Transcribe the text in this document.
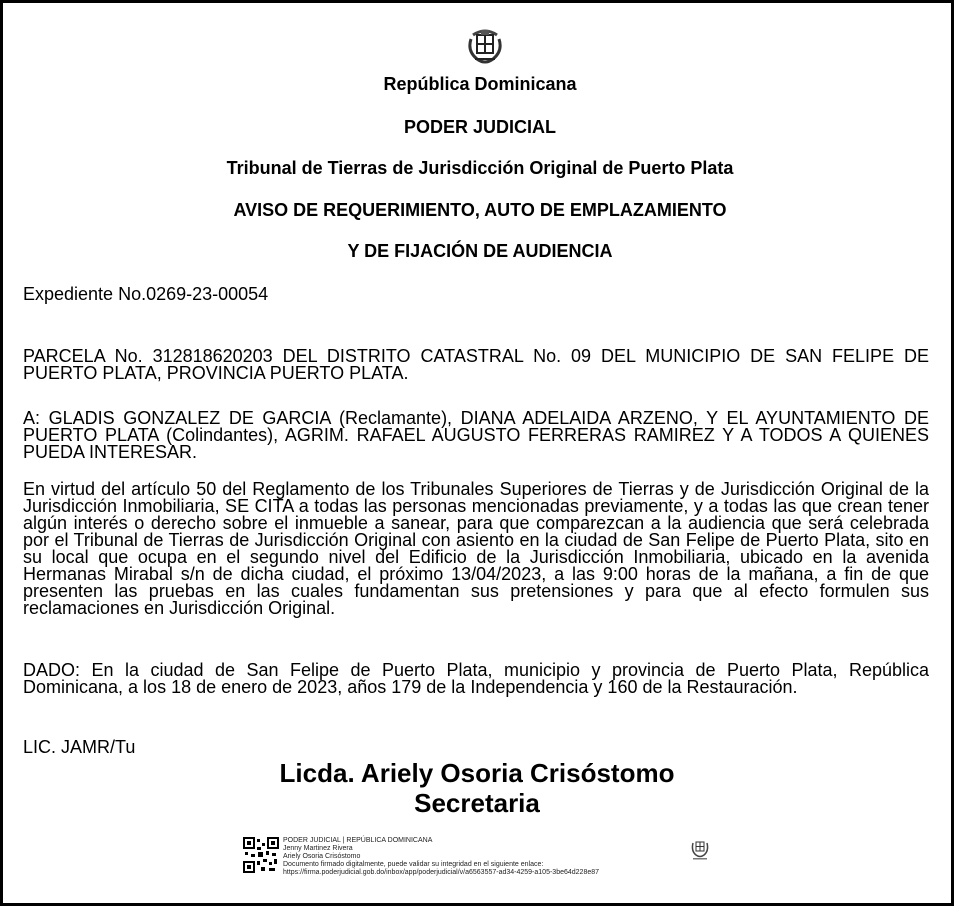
República Dominicana
PODER JUDICIAL
Tribunal de Tierras de Jurisdicción Original de Puerto Plata
AVISO DE REQUERIMIENTO, AUTO DE EMPLAZAMIENTO
Y DE FIJACIÓN DE AUDIENCIA
Expediente No.0269-23-00054
PARCELA No. 312818620203 DEL DISTRITO CATASTRAL No. 09 DEL MUNICIPIO DE SAN FELIPE DE PUERTO PLATA, PROVINCIA PUERTO PLATA.
A: GLADIS GONZALEZ DE GARCIA (Reclamante), DIANA ADELAIDA ARZENO, Y EL AYUNTAMIENTO DE PUERTO PLATA (Colindantes), AGRIM. RAFAEL AUGUSTO FERRERAS RAMIREZ Y A TODOS A QUIENES PUEDA INTERESAR.
En virtud del artículo 50 del Reglamento de los Tribunales Superiores de Tierras y de Jurisdicción Original de la Jurisdicción Inmobiliaria, SE CITA a todas las personas mencionadas previamente, y a todas las que crean tener algún interés o derecho sobre el inmueble a sanear, para que comparezcan a la audiencia que será celebrada por el Tribunal de Tierras de Jurisdicción Original con asiento en la ciudad de San Felipe de Puerto Plata, sito en su local que ocupa en el segundo nivel del Edificio de la Jurisdicción Inmobiliaria, ubicado en la avenida Hermanas Mirabal s/n de dicha ciudad, el próximo 13/04/2023, a las 9:00 horas de la mañana, a fin de que presenten las pruebas en las cuales fundamentan sus pretensiones y para que al efecto formulen sus reclamaciones en Jurisdicción Original.
DADO: En la ciudad de San Felipe de Puerto Plata, municipio y provincia de Puerto Plata, República Dominicana, a los 18 de enero de 2023, años 179 de la Independencia y 160 de la Restauración.
LIC. JAMR/Tu
Licda. Ariely Osoria Crisóstomo
Secretaria
PODER JUDICIAL | REPÚBLICA DOMINICANA
Jenny Martinez Rivera
Ariely Osoria Crisóstomo
Documento firmado digitalmente, puede validar su integridad en el siguiente enlace:
https://firma.poderjudicial.gob.do/inbox/app/poderjudicial/v/a6563557-ad34-4259-a105-3be64d228e87
